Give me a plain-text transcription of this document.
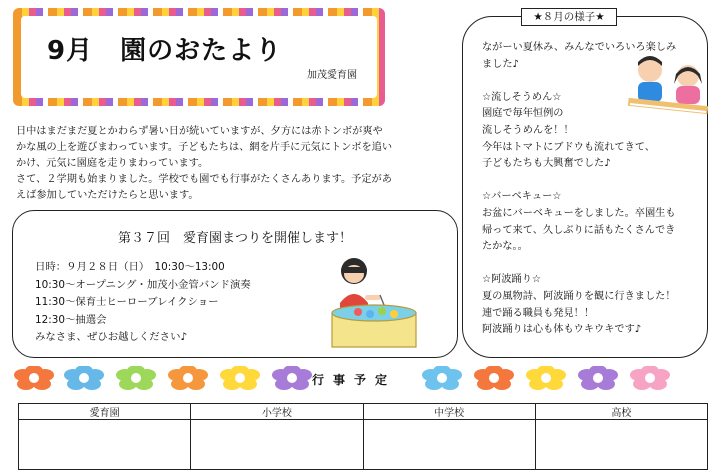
9月　園のおたより
加茂愛育園
日中はまだまだ夏とかわらず暑い日が続いていますが、夕方には赤トンボが爽や
かな風の上を遊びまわっています。子どもたちは、網を片手に元気にトンボを追い
かけ、元気に園庭を走りまわっています。
さて、２学期も始まりました。学校でも園でも行事がたくさんあります。予定があ
えば参加していただけたらと思います。
第３７回　愛育園まつりを開催します！
日時：９月２８日（日）　10:30〜13:00
10:30〜オープニング・加茂小金管バンド演奏
11:30〜保育士ヒーローブレイクショー
12:30〜抽選会
みなさま、ぜひお越しください♪
★８月の様子★
ながーい夏休み、みんなでいろいろ楽しみ
ました♪

☆流しそうめん☆
園庭で毎年恒例の
流しそうめんを！！
今年はトマトにブドウも流れてきて、
子どもたちも大興奮でした♪

☆バーベキュー☆
お盆にバーベキューをしました。卒園生も
帰って来て、久しぶりに話もたくさんでき
たかな。。

☆阿波踊り☆
夏の風物詩、阿波踊りを観に行きました！
連で踊る職員も発見！！
阿波踊りは心も体もウキウキです♪
行事予定
愛育園	小学校	中学校	高校
